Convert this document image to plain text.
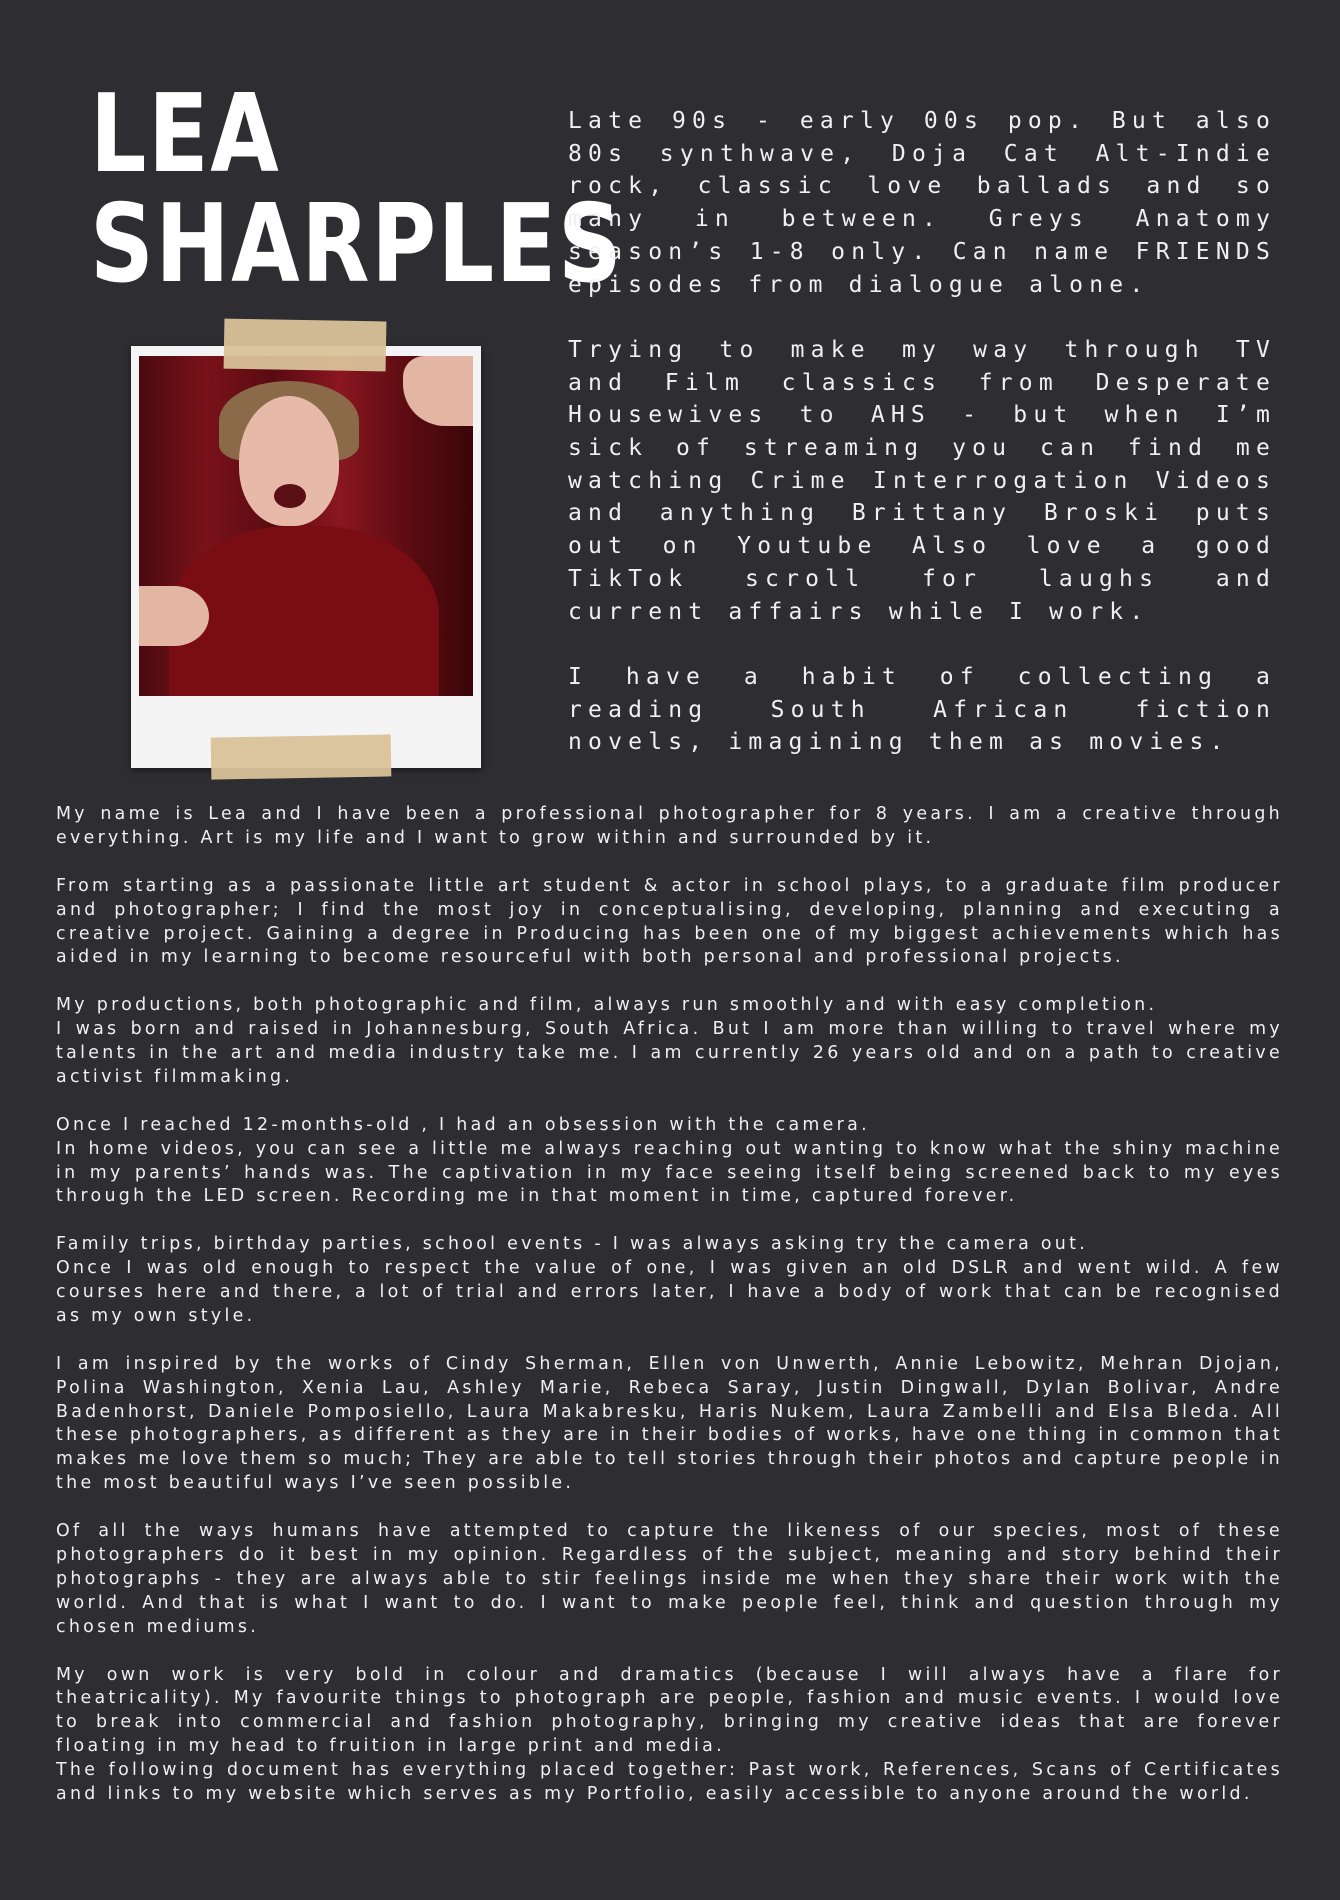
LEA
SHARPLES

Late 90s - early 00s pop. But also 80s synthwave, Doja Cat Alt-Indie rock, classic love ballads and so many in between. Greys Anatomy season’s 1-8 only. Can name FRIENDS episodes from dialogue alone.

Trying to make my way through TV and Film classics from Desperate Housewives to AHS - but when I’m sick of streaming you can find me watching Crime Interrogation Videos and anything Brittany Broski puts out on Youtube Also love a good TikTok scroll for laughs and current affairs while I work.

I have a habit of collecting a reading South African fiction novels, imagining them as movies.

My name is Lea and I have been a professional photographer for 8 years. I am a creative through everything. Art is my life and I want to grow within and surrounded by it.

From starting as a passionate little art student & actor in school plays, to a graduate film producer and photographer; I find the most joy in conceptualising, developing, planning and executing a creative project. Gaining a degree in Producing has been one of my biggest achievements which has aided in my learning to become resourceful with both personal and professional projects.

My productions, both photographic and film, always run smoothly and with easy completion.
I was born and raised in Johannesburg, South Africa. But I am more than willing to travel where my talents in the art and media industry take me. I am currently 26 years old and on a path to creative activist filmmaking.

Once I reached 12-months-old , I had an obsession with the camera.
In home videos, you can see a little me always reaching out wanting to know what the shiny machine in my parents’ hands was. The captivation in my face seeing itself being screened back to my eyes through the LED screen. Recording me in that moment in time, captured forever.

Family trips, birthday parties, school events - I was always asking try the camera out.
Once I was old enough to respect the value of one, I was given an old DSLR and went wild. A few courses here and there, a lot of trial and errors later, I have a body of work that can be recognised as my own style.

I am inspired by the works of Cindy Sherman, Ellen von Unwerth, Annie Lebowitz, Mehran Djojan, Polina Washington, Xenia Lau, Ashley Marie, Rebeca Saray, Justin Dingwall, Dylan Bolivar, Andre Badenhorst, Daniele Pomposiello, Laura Makabresku, Haris Nukem, Laura Zambelli and Elsa Bleda. All these photographers, as different as they are in their bodies of works, have one thing in common that makes me love them so much; They are able to tell stories through their photos and capture people in the most beautiful ways I’ve seen possible.

Of all the ways humans have attempted to capture the likeness of our species, most of these photographers do it best in my opinion. Regardless of the subject, meaning and story behind their photographs - they are always able to stir feelings inside me when they share their work with the world. And that is what I want to do. I want to make people feel, think and question through my chosen mediums.

My own work is very bold in colour and dramatics (because I will always have a flare for theatricality). My favourite things to photograph are people, fashion and music events. I would love to break into commercial and fashion photography, bringing my creative ideas that are forever floating in my head to fruition in large print and media.
The following document has everything placed together: Past work, References, Scans of Certificates and links to my website which serves as my Portfolio, easily accessible to anyone around the world.
